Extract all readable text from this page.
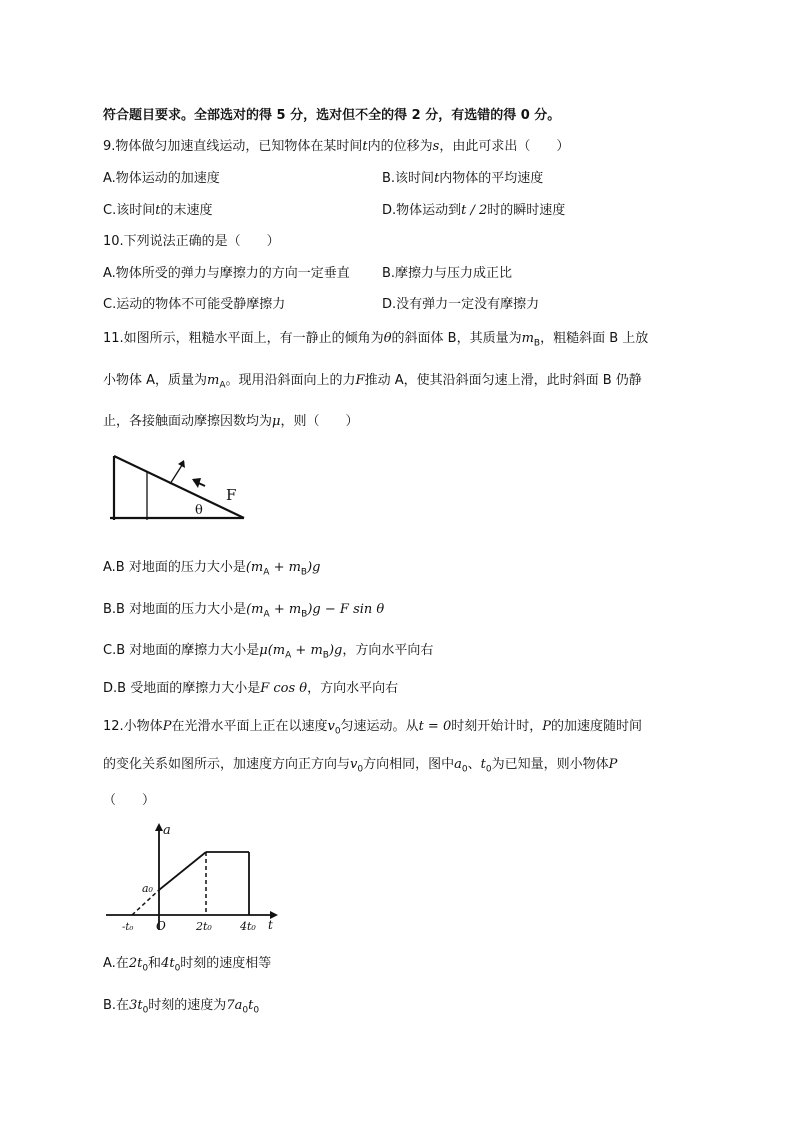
符合题目要求。全部选对的得 5 分，选对但不全的得 2 分，有选错的得 0 分。
9.物体做匀加速直线运动，已知物体在某时间t内的位移为s，由此可求出（　　）
A.物体运动的加速度	B.该时间t内物体的平均速度
C.该时间t的末速度	D.物体运动到t / 2时的瞬时速度
10.下列说法正确的是（　　）
A.物体所受的弹力与摩擦力的方向一定垂直 B.摩擦力与压力成正比
C.运动的物体不可能受静摩擦力	D.没有弹力一定没有摩擦力
11.如图所示，粗糙水平面上，有一静止的倾角为θ的斜面体 B，其质量为$m_B$，粗糙斜面 B 上放
小物体 A，质量为$m_A$。现用沿斜面向上的力F推动 A，使其沿斜面匀速上滑，此时斜面 B 仍静
止，各接触面动摩擦因数均为μ，则（　　）
F
θ
A.B 对地面的压力大小是$(m_A + m_B)g$
B.B 对地面的压力大小是$(m_A + m_B)g - F$ sin θ
C.B 对地面的摩擦力大小是$\mu(m_A + m_B)g$，方向水平向右
D.B 受地面的摩擦力大小是F cos θ，方向水平向右
12.小物体P在光滑水平面上正在以速度$v_0$匀速运动。从t = 0时刻开始计时，P的加速度随时间
的变化关系如图所示，加速度方向正方向与$v_0$方向相同，图中$a_0$、$t_0$为已知量，则小物体P
（　　）
a
a₀
O
-t₀	2t₀	4t₀ t
A.在$2t_0$和$4t_0$时刻的速度相等
B.在$3t_0$时刻的速度为$7a_0t_0$
